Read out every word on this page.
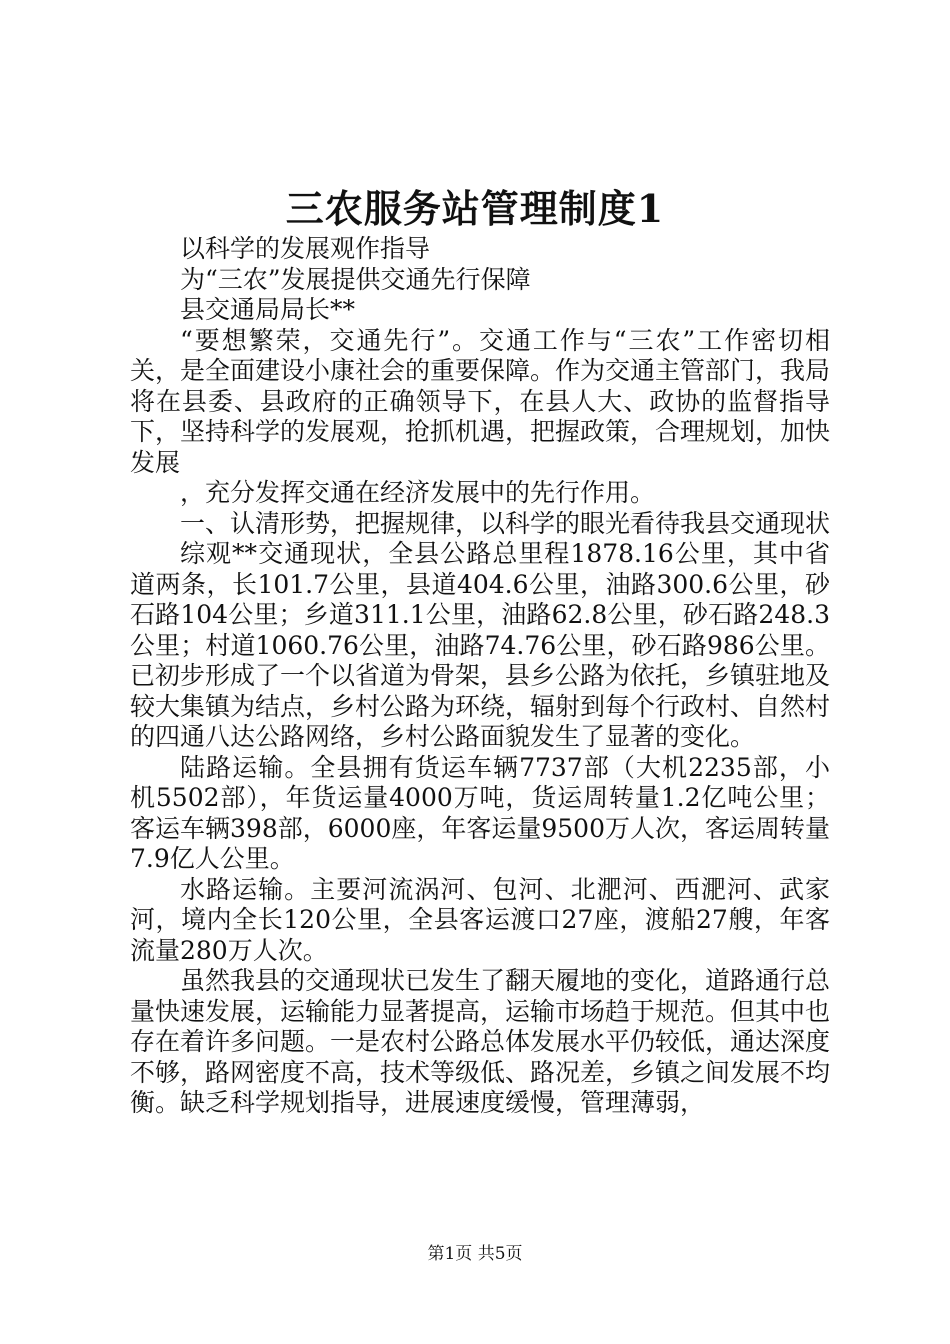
三农服务站管理制度1

以科学的发展观作指导

为“三农”发展提供交通先行保障

县交通局局长**

“要想繁荣，交通先行”。交通工作与“三农”工作密切相关，是全面建设小康社会的重要保障。作为交通主管部门，我局将在县委、县政府的正确领导下，在县人大、政协的监督指导下，坚持科学的发展观，抢抓机遇，把握政策，合理规划，加快发展

，充分发挥交通在经济发展中的先行作用。

一、认清形势，把握规律，以科学的眼光看待我县交通现状

综观**交通现状，全县公路总里程1878.16公里，其中省道两条，长101.7公里，县道404.6公里，油路300.6公里，砂石路104公里；乡道311.1公里，油路62.8公里，砂石路248.3公里；村道1060.76公里，油路74.76公里，砂石路986公里。已初步形成了一个以省道为骨架，县乡公路为依托，乡镇驻地及较大集镇为结点，乡村公路为环绕，辐射到每个行政村、自然村的四通八达公路网络，乡村公路面貌发生了显著的变化。

陆路运输。全县拥有货运车辆7737部（大机2235部，小机5502部），年货运量4000万吨，货运周转量1.2亿吨公里；客运车辆398部，6000座，年客运量9500万人次，客运周转量7.9亿人公里。

水路运输。主要河流涡河、包河、北淝河、西淝河、武家河，境内全长120公里，全县客运渡口27座，渡船27艘，年客流量280万人次。

虽然我县的交通现状已发生了翻天履地的变化，道路通行总量快速发展，运输能力显著提高，运输市场趋于规范。但其中也存在着许多问题。一是农村公路总体发展水平仍较低，通达深度不够，路网密度不高，技术等级低、路况差，乡镇之间发展不均衡。缺乏科学规划指导，进展速度缓慢，管理薄弱，

第1页 共5页
